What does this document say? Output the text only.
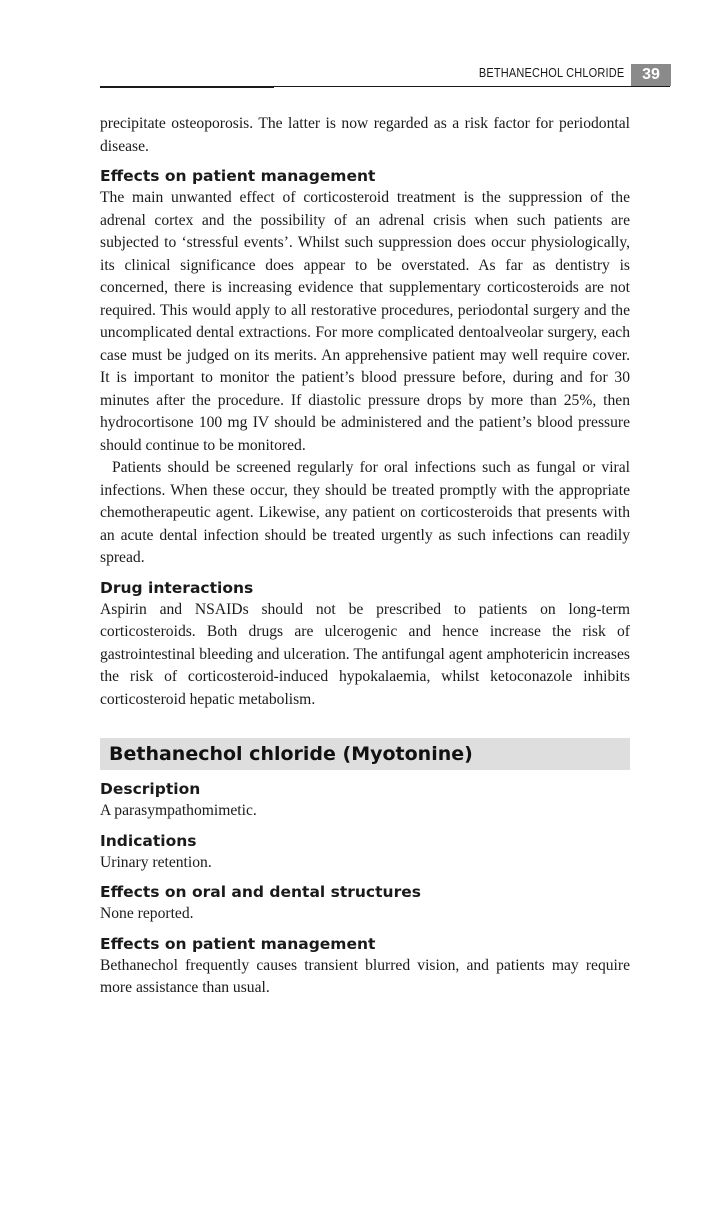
BETHANECHOL CHLORIDE	39

precipitate osteoporosis. The latter is now regarded as a risk factor for periodontal disease.

Effects on patient management

The main unwanted effect of corticosteroid treatment is the suppression of the adrenal cortex and the possibility of an adrenal crisis when such patients are subjected to ‘stressful events’. Whilst such suppression does occur physiologically, its clinical significance does appear to be overstated. As far as dentistry is concerned, there is increasing evidence that supplementary corticosteroids are not required. This would apply to all restorative procedures, periodontal surgery and the uncomplicated dental extractions. For more complicated dentoalveolar surgery, each case must be judged on its merits. An apprehensive patient may well require cover. It is important to monitor the patient’s blood pressure before, during and for 30 minutes after the procedure. If diastolic pressure drops by more than 25%, then hydrocortisone 100 mg IV should be administered and the patient’s blood pressure should continue to be monitored.

Patients should be screened regularly for oral infections such as fungal or viral infections. When these occur, they should be treated promptly with the appropriate chemotherapeutic agent. Likewise, any patient on corticosteroids that presents with an acute dental infection should be treated urgently as such infections can readily spread.

Drug interactions

Aspirin and NSAIDs should not be prescribed to patients on long-term corticosteroids. Both drugs are ulcerogenic and hence increase the risk of gastrointestinal bleeding and ulceration. The antifungal agent amphotericin increases the risk of corticosteroid-induced hypokalaemia, whilst ketoconazole inhibits corticosteroid hepatic metabolism.

Bethanechol chloride (Myotonine)
Description

A parasympathomimetic.

Indications

Urinary retention.

Effects on oral and dental structures

None reported.

Effects on patient management

Bethanechol frequently causes transient blurred vision, and patients may require more assistance than usual.
